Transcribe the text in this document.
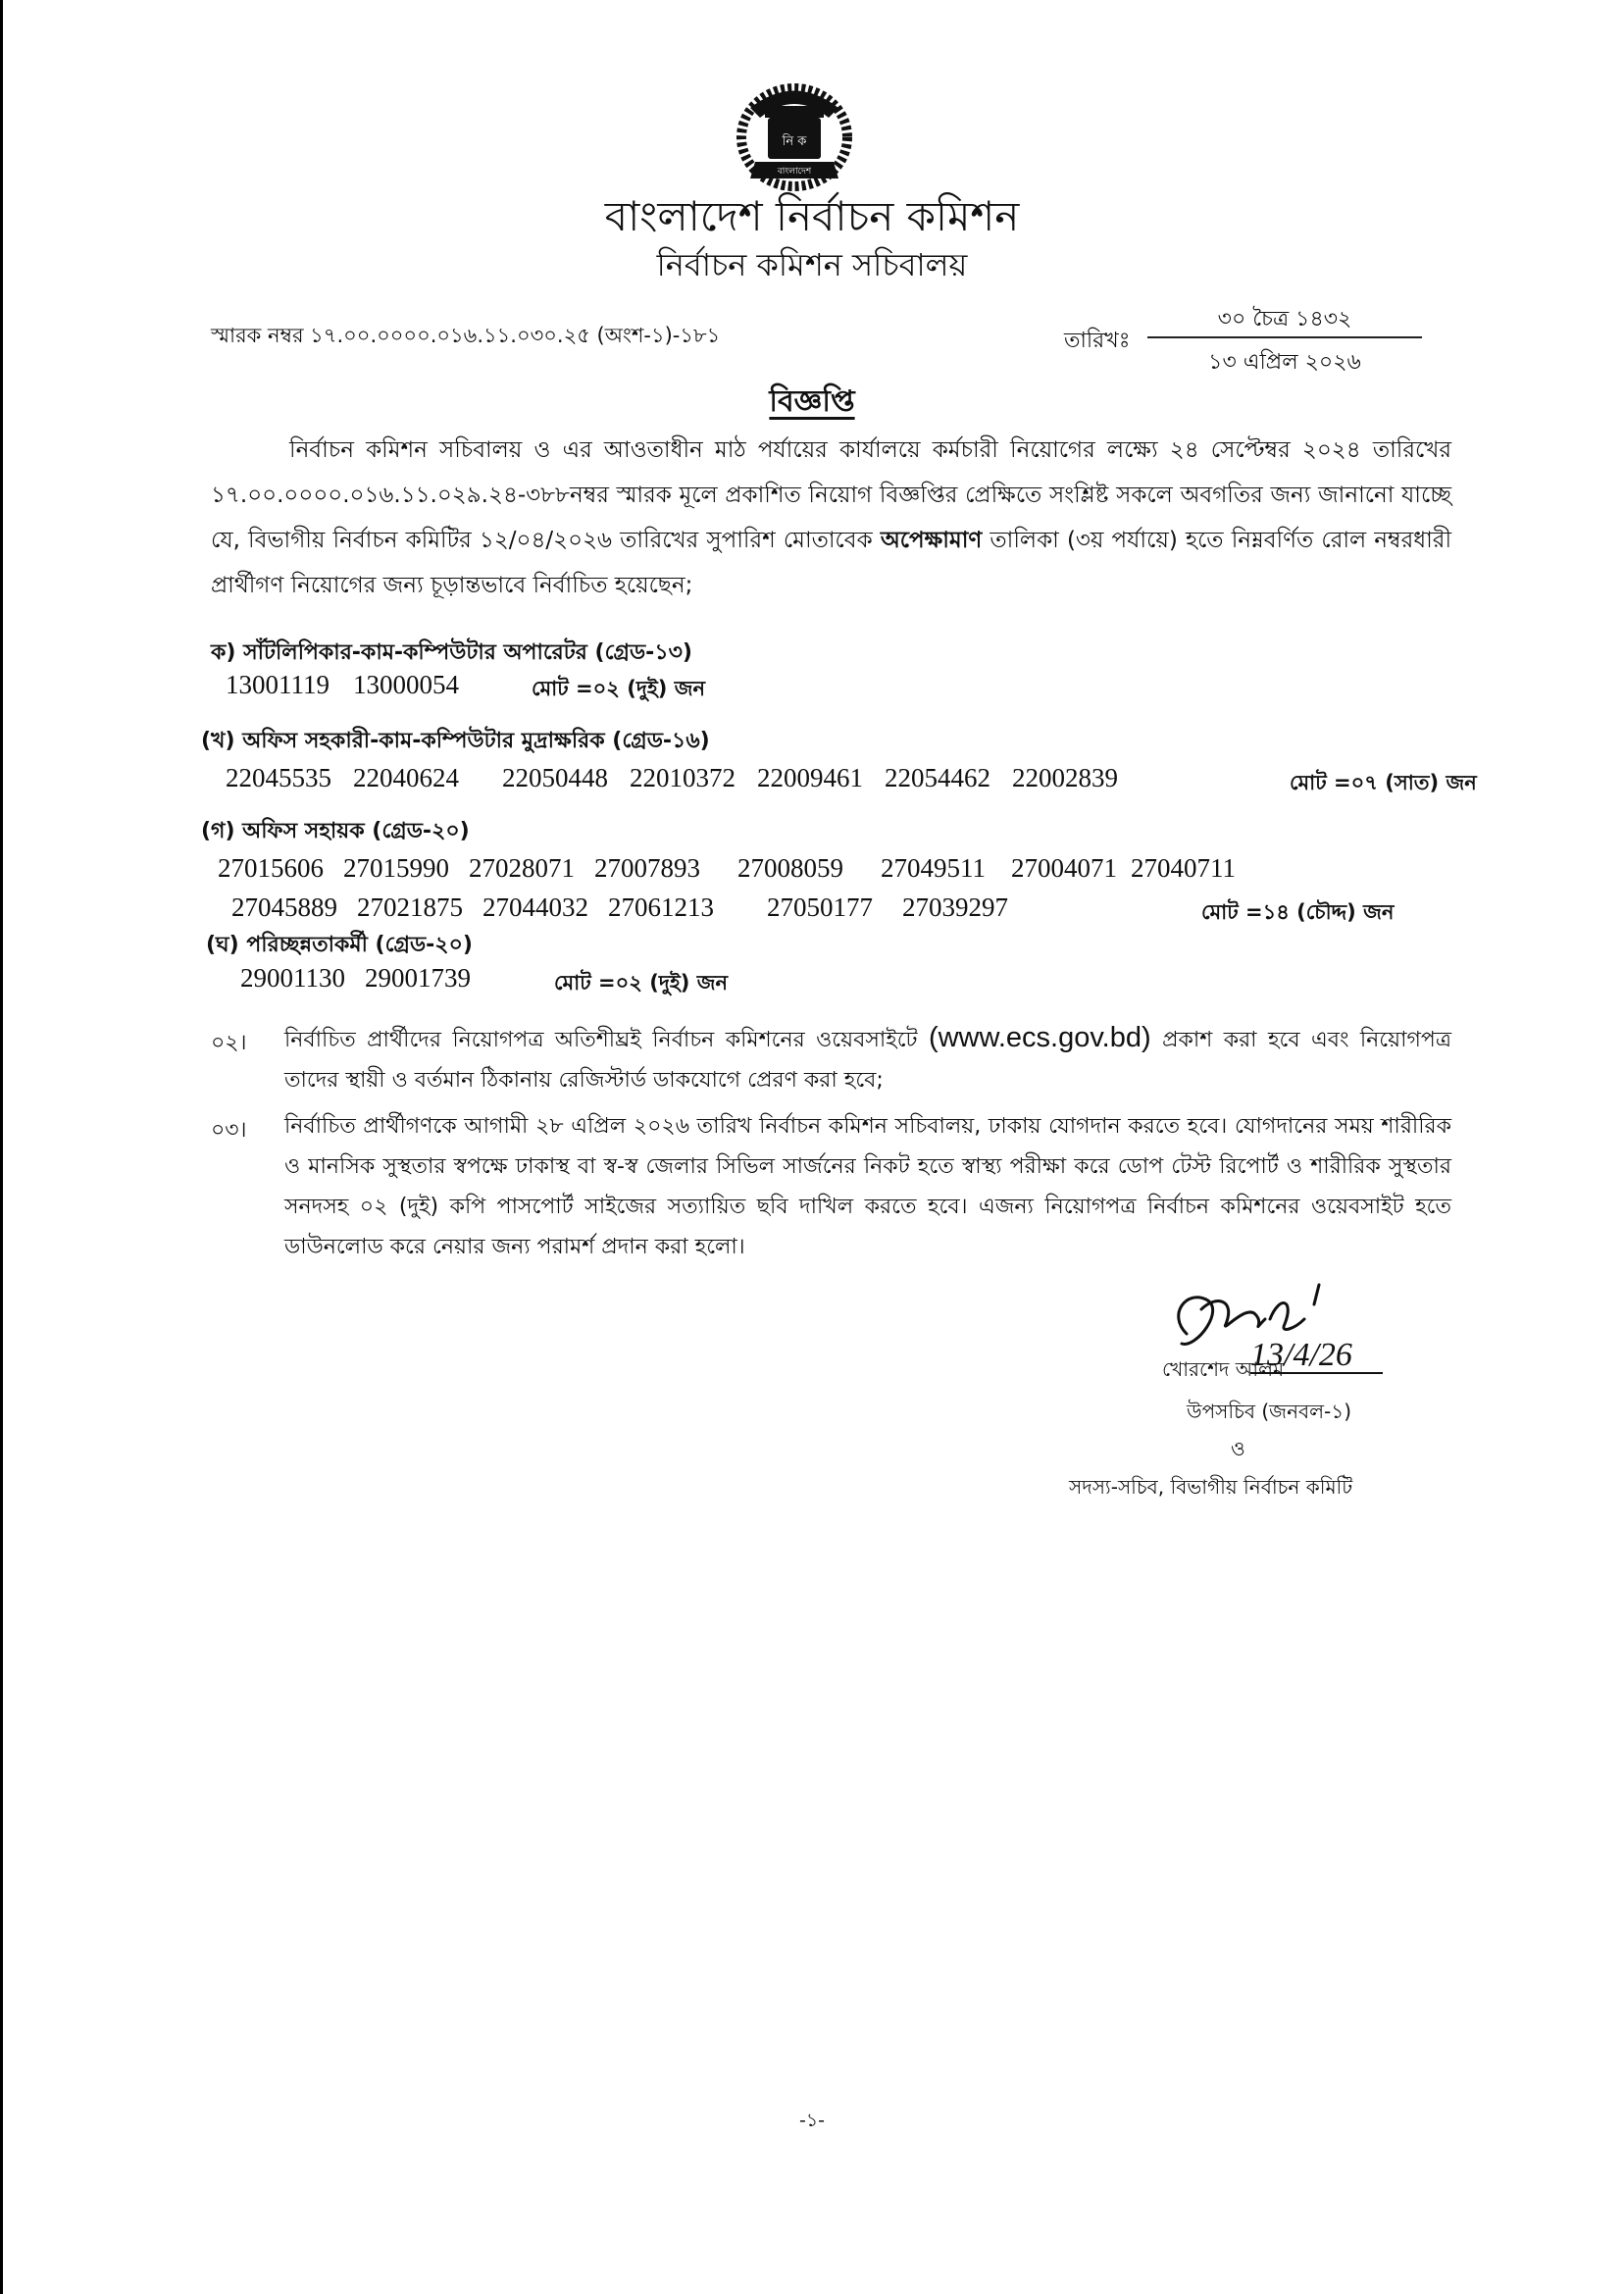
নি ক
বাংলাদেশ
বাংলাদেশ নির্বাচন কমিশন
নির্বাচন কমিশন সচিবালয়
স্মারক নম্বর ১৭.০০.০০০০.০১৬.১১.০৩০.২৫ (অংশ-১)-১৮১	তারিখঃ
৩০ চৈত্র ১৪৩২
১৩ এপ্রিল ২০২৬
বিজ্ঞপ্তি
নির্বাচন কমিশন সচিবালয় ও এর আওতাধীন মাঠ পর্যায়ের কার্যালয়ে কর্মচারী নিয়োগের লক্ষ্যে ২৪ সেপ্টেম্বর ২০২৪ তারিখের ১৭.০০.০০০০.০১৬.১১.০২৯.২৪-৩৮৮নম্বর স্মারক মূলে প্রকাশিত নিয়োগ বিজ্ঞপ্তির প্রেক্ষিতে সংশ্লিষ্ট সকলে অবগতির জন্য জানানো যাচ্ছে যে, বিভাগীয় নির্বাচন কমিটির ১২/০৪/২০২৬ তারিখের সুপারিশ মোতাবেক অপেক্ষামাণ তালিকা (৩য় পর্যায়ে) হতে নিম্নবর্ণিত রোল নম্বরধারী প্রার্থীগণ নিয়োগের জন্য চূড়ান্তভাবে নির্বাচিত হয়েছেন;
ক) সাঁটলিপিকার-কাম-কম্পিউটার অপারেটর (গ্রেড-১৩)
13001119 13000054	মোট =০২ (দুই) জন
(খ) অফিস সহকারী-কাম-কম্পিউটার মুদ্রাক্ষরিক (গ্রেড-১৬)
22045535 22040624 22050448 22010372 22009461 22054462 22002839	মোট =০৭ (সাত) জন
(গ) অফিস সহায়ক (গ্রেড-২০)
27015606 27015990 27028071 27007893 27008059 27049511 27004071 27040711
27045889 27021875 27044032 27061213 27050177 27039297	মোট =১৪ (চৌদ্দ) জন
(ঘ) পরিচ্ছন্নতাকর্মী (গ্রেড-২০)
29001130 29001739	মোট =০২ (দুই) জন
০২। নির্বাচিত প্রার্থীদের নিয়োগপত্র অতিশীঘ্রই নির্বাচন কমিশনের ওয়েবসাইটে (www.ecs.gov.bd) প্রকাশ করা হবে এবং নিয়োগপত্র তাদের স্থায়ী ও বর্তমান ঠিকানায় রেজিস্টার্ড ডাকযোগে প্রেরণ করা হবে;
০৩। নির্বাচিত প্রার্থীগণকে আগামী ২৮ এপ্রিল ২০২৬ তারিখ নির্বাচন কমিশন সচিবালয়, ঢাকায় যোগদান করতে হবে। যোগদানের সময় শারীরিক ও মানসিক সুস্থতার স্বপক্ষে ঢাকাস্থ বা স্ব-স্ব জেলার সিভিল সার্জনের নিকট হতে স্বাস্থ্য পরীক্ষা করে ডোপ টেস্ট রিপোর্ট ও শারীরিক সুস্থতার সনদসহ ০২ (দুই) কপি পাসপোর্ট সাইজের সত্যায়িত ছবি দাখিল করতে হবে। এজন্য নিয়োগপত্র নির্বাচন কমিশনের ওয়েবসাইট হতে ডাউনলোড করে নেয়ার জন্য পরামর্শ প্রদান করা হলো।
13/4/26
খোরশেদ আলম
উপসচিব (জনবল-১)
ও
সদস্য-সচিব, বিভাগীয় নির্বাচন কমিটি
-১-
